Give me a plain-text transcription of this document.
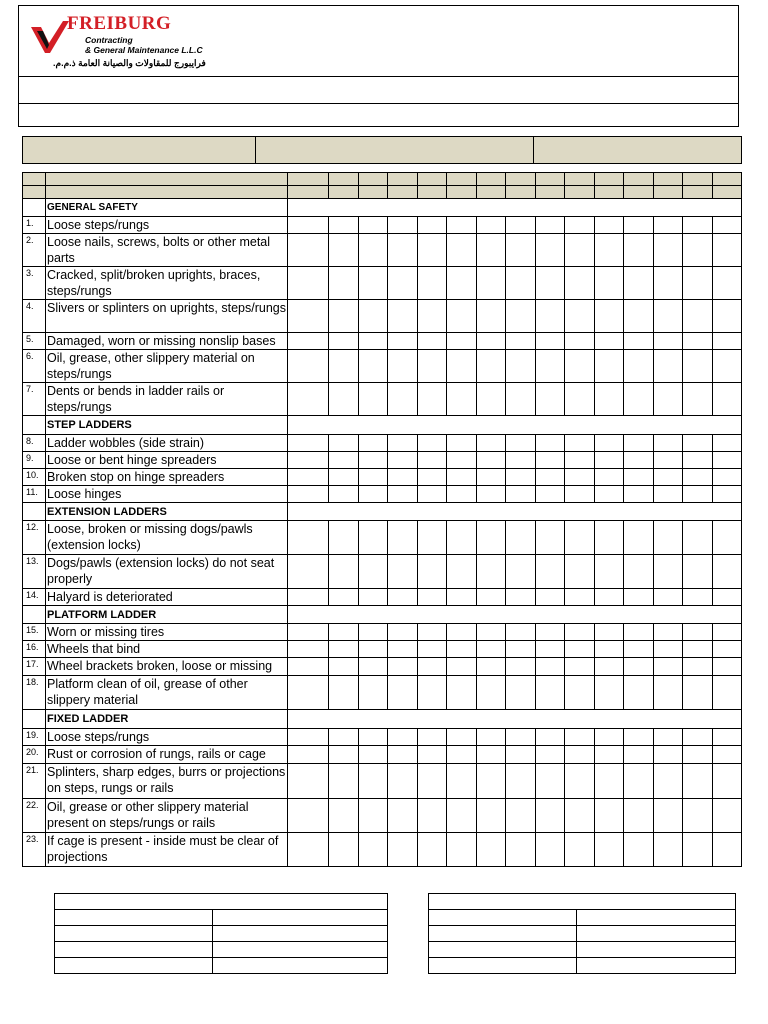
FREIBURG
Contracting
& General Maintenance L.L.C
فرايبورج للمقاولات والصيانة العامة ذ.م.م.

	GENERAL SAFETY															
1.	Loose steps/rungs															
2.	Loose nails, screws, bolts or other metal parts															
3.	Cracked, split/broken uprights, braces, steps/rungs															
4.	Slivers or splinters on uprights, steps/rungs															
5.	Damaged, worn or missing nonslip bases															
6.	Oil, grease, other slippery material on steps/rungs															
7.	Dents or bends in ladder rails or steps/rungs															
	STEP LADDERS															
8.	Ladder wobbles (side strain)															
9.	Loose or bent hinge spreaders															
10.	Broken stop on hinge spreaders															
11.	Loose hinges															
	EXTENSION LADDERS															
12.	Loose, broken or missing dogs/pawls (extension locks)															
13.	Dogs/pawls (extension locks) do not seat properly															
14.	Halyard is deteriorated															
	PLATFORM LADDER															
15.	Worn or missing tires															
16.	Wheels that bind															
17.	Wheel brackets broken, loose or missing															
18.	Platform clean of oil, grease of other slippery material															
	FIXED LADDER															
19.	Loose steps/rungs															
20.	Rust or corrosion of rungs, rails or cage															
21.	Splinters, sharp edges, burrs or projections on steps, rungs or rails															
22.	Oil, grease or other slippery material present on steps/rungs or rails															
23.	If cage is present - inside must be clear of projections															
